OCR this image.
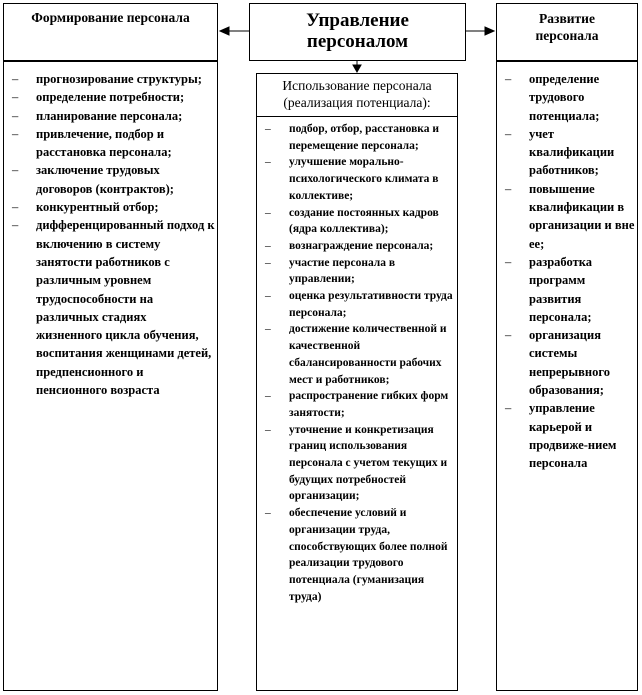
Формирование персонала	Управление
персоналом
Развитие
персонала
– прогнозирование структуры;
– определение потребности;
– планирование персонала;
– привлечение, подбор и расстановка персонала;
– заключение трудовых договоров (контрактов);
– конкурентный отбор;
– дифференцированный подход к включению в систему занятости работников с различным уровнем трудоспособности на различных стадиях жизненного цикла обучения, воспитания женщинами детей, предпенсионного и пенсионного возраста
Использование персонала
(реализация потенциала):
– подбор, отбор, расстановка и перемещение персонала;
– улучшение морально-психологического климата в коллективе;
– создание постоянных кадров (ядра коллектива);
– вознаграждение персонала;
– участие персонала в управлении;
– оценка результативности труда персонала;
– достижение количественной и качественной сбалансированности рабочих мест и работников;
– распространение гибких форм занятости;
– уточнение и конкретизация границ использования персонала с учетом текущих и будущих потребностей организации;
– обеспечение условий и организации труда, способствующих более полной реализации трудового потенциала (гуманизация труда)
– определение трудового потенциала;
– учет квалификации работников;
– повышение квалификации в организации и вне ее;
– разработка программ развития персонала;
– организация системы непрерывного образования;
– управление карьерой и продвиже-нием персонала
